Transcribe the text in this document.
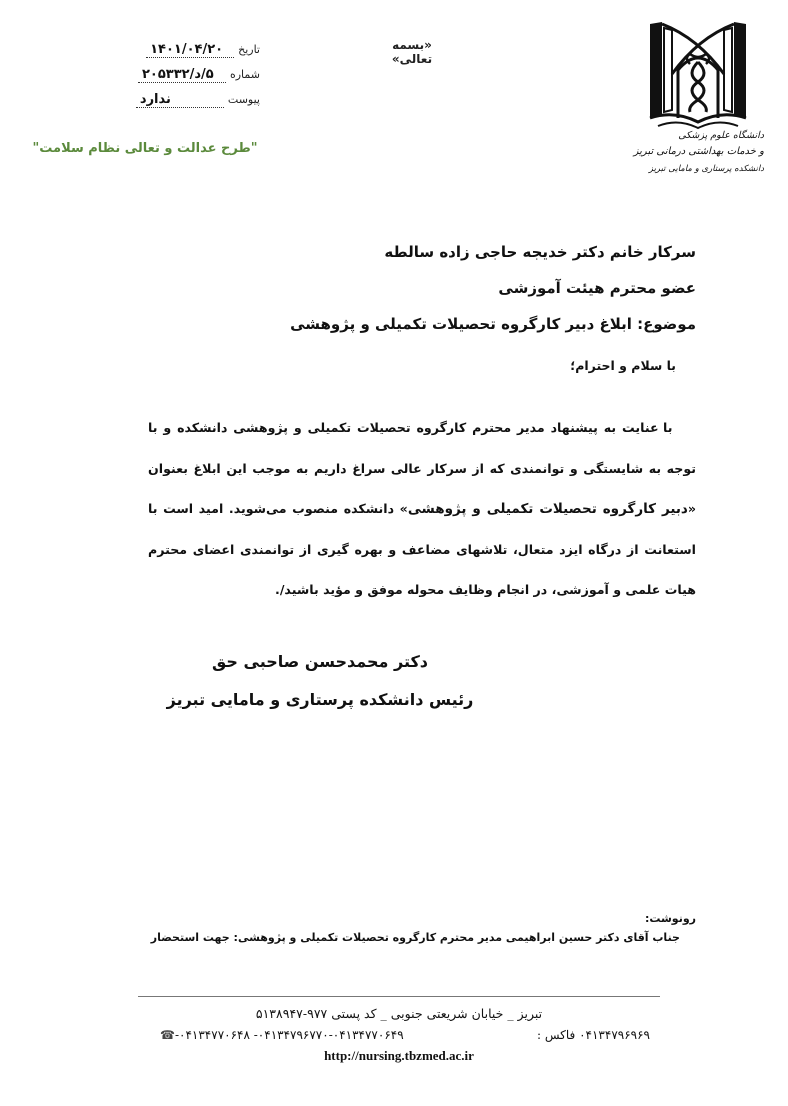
دانشگاه علوم پزشکی
و خدمات بهداشتی درمانی تبریز
دانشکده پرستاری و مامایی تبریز
«بسمه تعالی»
تاریخ
۱۴۰۱/۰۴/۲۰
شماره
۵/د/۲۰۵۳۳۲
پیوست
ندارد
"طرح عدالت و تعالی نظام سلامت"
سرکار خانم دکتر خدیجه حاجی زاده سالطه
عضو محترم هیئت آموزشی
موضوع: ابلاغ دبیر کارگروه تحصیلات تکمیلی و پژوهشی
با سلام و احترام؛

با عنایت به پیشنهاد مدیر محترم کارگروه تحصیلات تکمیلی و پژوهشی دانشکده و با توجه به شایستگی و توانمندی که از سرکار عالی سراغ داریم به موجب این ابلاغ بعنوان «دبیر کارگروه تحصیلات تکمیلی و پژوهشی» دانشکده منصوب می‌شوید. امید است با استعانت از درگاه ایزد متعال، تلاشهای مضاعف و بهره گیری از توانمندی اعضای محترم هیات علمی و آموزشی، در انجام وظایف محوله موفق و مؤید باشید/.

دکتر محمدحسن صاحبی حق
رئیس دانشکده پرستاری و مامایی تبریز
رونوشت:
جناب آقای دکتر حسین ابراهیمی مدیر محترم کارگروه تحصیلات تکمیلی و پژوهشی: جهت استحضار
تبریز _ خیابان شریعتی جنوبی _ کد پستی ۹۷۷-۵۱۳۸۹۴۷
۰۴۱۳۴۷۹۶۹۶۹ فاکس :
۰۴۱۳۴۷۹۶۷۷۰-۰۴۱۳۴۷۷۰۶۴۹- ۰۴۱۳۴۷۷۰۶۴۸-☎
http://nursing.tbzmed.ac.ir
